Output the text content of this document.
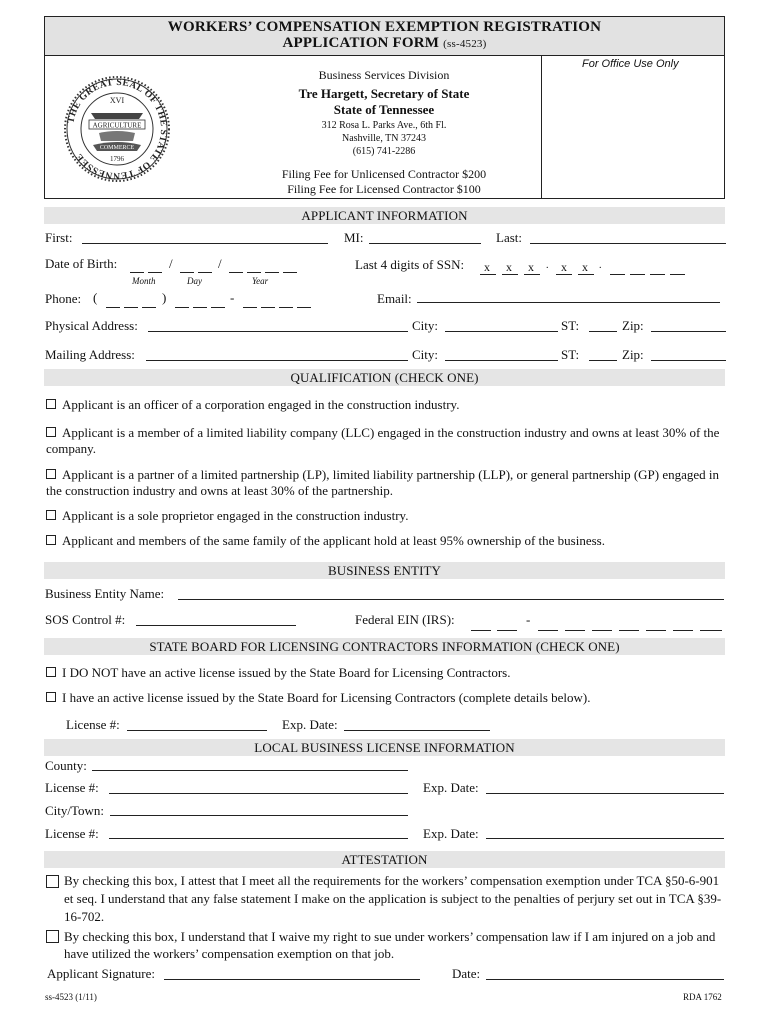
WORKERS’ COMPENSATION EXEMPTION REGISTRATION
APPLICATION FORM (ss-4523)
For Office Use Only
THE GREAT SEAL OF THE STATE OF TENNESSEE
XVI
AGRICULTURE
COMMERCE
1796
Business Services Division
Tre Hargett, Secretary of State
State of Tennessee
312 Rosa L. Parks Ave., 6th Fl.
Nashville, TN 37243
(615) 741-2286
Filing Fee for Unlicensed Contractor $200
Filing Fee for Licensed Contractor $100
APPLICANT INFORMATION
First:	MI:	Last:
Date of Birth:	/	/
Month	Day	Year
Last 4 digits of SSN: x x x . x x .
Phone: (	)	-	Email:
Physical Address:	City:	ST:	Zip:
Mailing Address:	City:	ST:	Zip:
QUALIFICATION (CHECK ONE)
Applicant is an officer of a corporation engaged in the construction industry.
Applicant is a member of a limited liability company (LLC) engaged in the construction industry and owns at least 30% of the company.
Applicant is a partner of a limited partnership (LP), limited liability partnership (LLP), or general partnership (GP) engaged in the construction industry and owns at least 30% of the partnership.
Applicant is a sole proprietor engaged in the construction industry.
Applicant and members of the same family of the applicant hold at least 95% ownership of the business.
BUSINESS ENTITY
Business Entity Name:
SOS Control #:	Federal EIN (IRS):	-
STATE BOARD FOR LICENSING CONTRACTORS INFORMATION (CHECK ONE)
I DO NOT have an active license issued by the State Board for Licensing Contractors.
I have an active license issued by the State Board for Licensing Contractors (complete details below).
License #:	Exp. Date:
LOCAL BUSINESS LICENSE INFORMATION
County:
License #:	Exp. Date:
City/Town:
License #:	Exp. Date:
ATTESTATION
By checking this box, I attest that I meet all the requirements for the workers’ compensation exemption under TCA §50-6-901 et seq. I understand that any false statement I make on the application is subject to the penalties of perjury set out in TCA §39-16-702.
By checking this box, I understand that I waive my right to sue under workers’ compensation law if I am injured on a job and have utilized the workers’ compensation exemption on that job.
Applicant Signature:	Date:
ss-4523 (1/11)	RDA 1762
